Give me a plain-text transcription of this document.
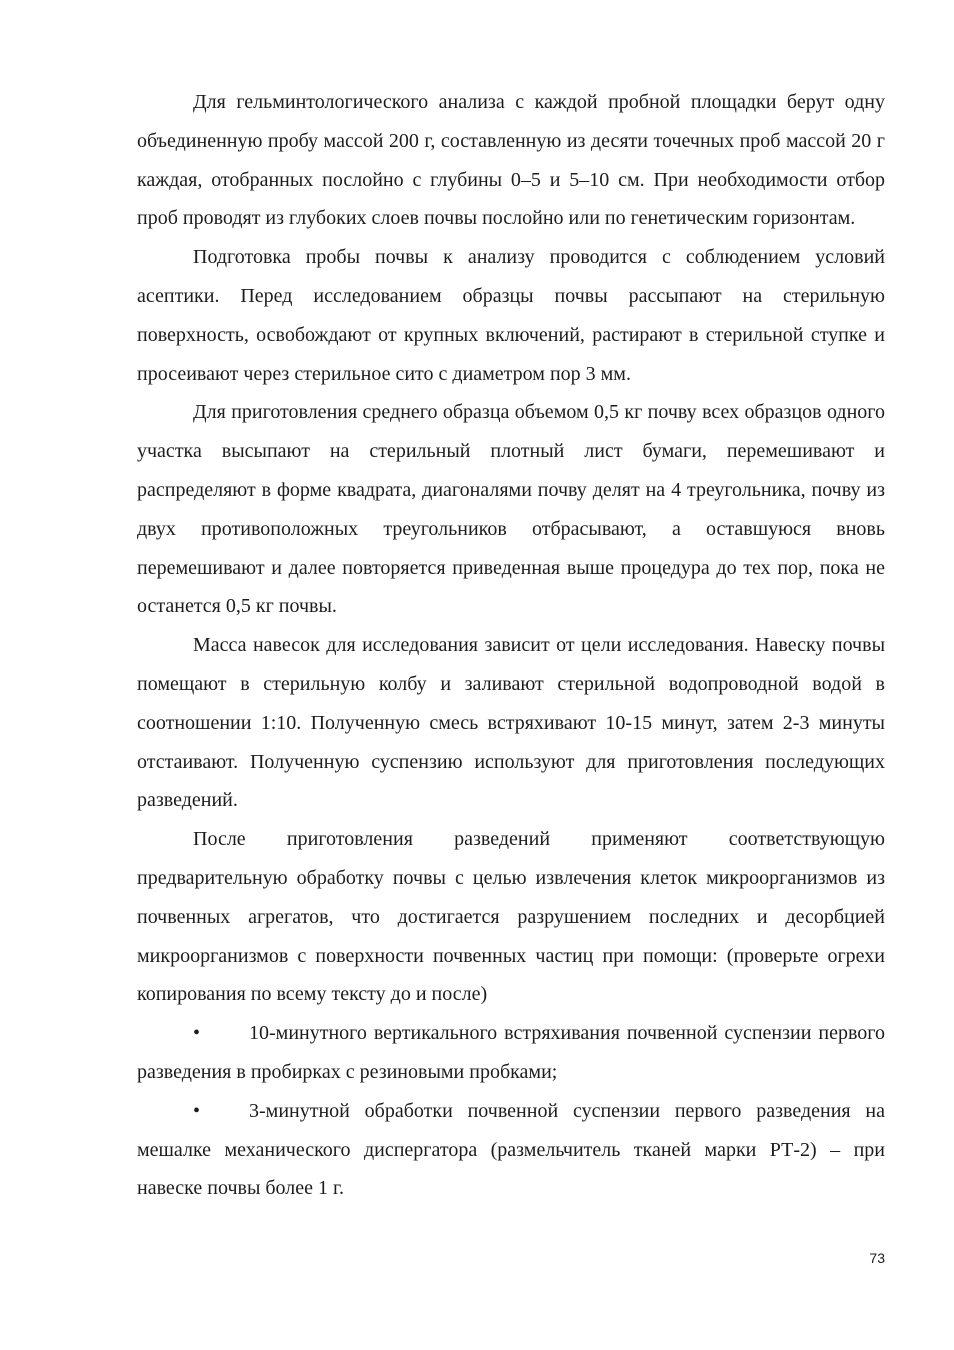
Для гельминтологического анализа с каждой пробной площадки берут одну объединенную пробу массой 200 г, составленную из десяти точечных проб массой 20 г каждая, отобранных послойно с глубины 0–5 и 5–10 см. При необходимости отбор проб проводят из глубоких слоев почвы послойно или по генетическим горизонтам.

Подготовка пробы почвы к анализу проводится с соблюдением условий асептики. Перед исследованием образцы почвы рассыпают на стерильную поверхность, освобождают от крупных включений, растирают в стерильной ступке и просеивают через стерильное сито с диаметром пор 3 мм.

Для приготовления среднего образца объемом 0,5 кг почву всех образцов одного участка высыпают на стерильный плотный лист бумаги, перемешивают и распределяют в форме квадрата, диагоналями почву делят на 4 треугольника, почву из двух противоположных треугольников отбрасывают, а оставшуюся вновь перемешивают и далее повторяется приведенная выше процедура до тех пор, пока не останется 0,5 кг почвы.

Масса навесок для исследования зависит от цели исследования. Навеску почвы помещают в стерильную колбу и заливают стерильной водопроводной водой в соотношении 1:10. Полученную смесь встряхивают 10-15 минут, затем 2-3 минуты отстаивают. Полученную суспензию используют для приготовления последующих разведений.

После приготовления разведений применяют соответствующую предварительную обработку почвы с целью извлечения клеток микроорганизмов из почвенных агрегатов, что достигается разрушением последних и десорбцией микроорганизмов с поверхности почвенных частиц при помощи: (проверьте огрехи копирования по всему тексту до и после)

• 10-минутного вертикального встряхивания почвенной суспензии первого разведения в пробирках с резиновыми пробками;

• 3-минутной обработки почвенной суспензии первого разведения на мешалке механического диспергатора (размельчитель тканей марки РТ-2) – при навеске почвы более 1 г.

73
